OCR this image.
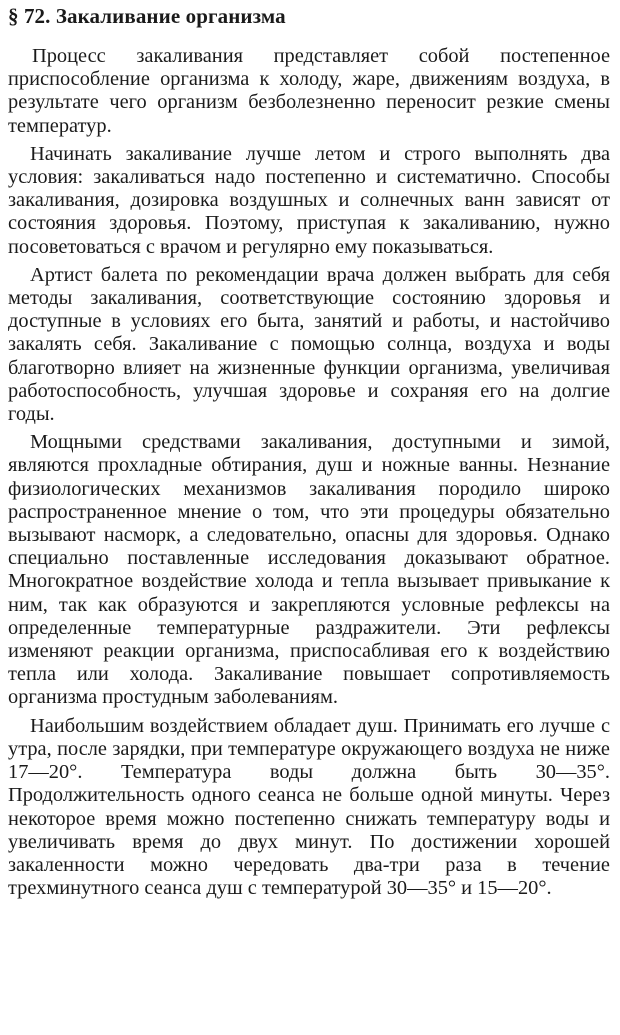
§ 72. Закаливание организма

Процесс закаливания представляет собой постепенное приспособление организма к холоду, жаре, движениям воздуха, в результате чего организм безболезненно переносит резкие смены температур.

Начинать закаливание лучше летом и строго выполнять два условия: закаливаться надо постепенно и систематично. Способы закаливания, дозировка воздушных и солнечных ванн зависят от состояния здоровья. Поэтому, приступая к закаливанию, нужно посоветоваться с врачом и регулярно ему показываться.

Артист балета по рекомендации врача должен выбрать для себя методы закаливания, соответствующие состоянию здоровья и доступные в условиях его быта, занятий и работы, и настойчиво закалять себя. Закаливание с помощью солнца, воздуха и воды благотворно влияет на жизненные функции организма, увеличивая работоспособность, улучшая здоровье и сохраняя его на долгие годы.

Мощными средствами закаливания, доступными и зимой, являются прохладные обтирания, душ и ножные ванны. Незнание физиологических механизмов закаливания породило широко распространенное мнение о том, что эти процедуры обязательно вызывают насморк, а следовательно, опасны для здоровья. Однако специально поставленные исследования доказывают обратное. Многократное воздействие холода и тепла вызывает привыкание к ним, так как образуются и закрепляются условные рефлексы на определенные температурные раздражители. Эти рефлексы изменяют реакции организма, приспосабливая его к воздействию тепла или холода. Закаливание повышает сопротивляемость организма простудным заболеваниям.

Наибольшим воздействием обладает душ. Принимать его лучше с утра, после зарядки, при температуре окружающего воздуха не ниже 17—20°. Температура воды должна быть 30—35°. Продолжительность одного сеанса не больше одной минуты. Через некоторое время можно постепенно снижать температуру воды и увеличивать время до двух минут. По достижении хорошей закаленности можно чередовать два-три раза в течение трехминутного сеанса душ с температурой 30—35° и 15—20°.
